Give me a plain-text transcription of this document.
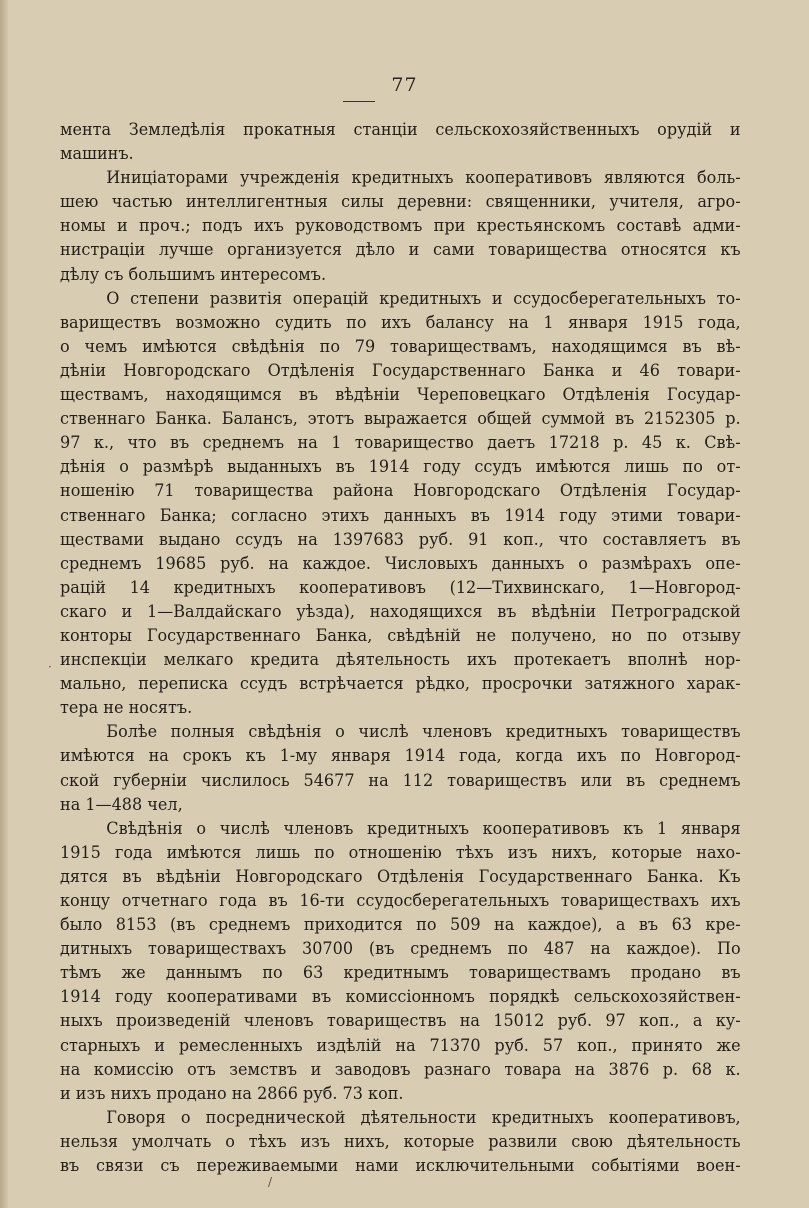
77
мента Земледѣлія прокатныя станціи сельскохозяйственныхъ орудій и
машинъ.
Иниціаторами учрежденія кредитныхъ кооперативовъ являются боль-
шею частью интеллигентныя силы деревни: священники, учителя, агро-
номы и проч.; подъ ихъ руководствомъ при крестьянскомъ составѣ адми-
нистраціи лучше организуется дѣло и сами товарищества относятся къ
дѣлу съ большимъ интересомъ.
О степени развитія операцій кредитныхъ и ссудосберегательныхъ то-
вариществъ возможно судить по ихъ балансу на 1 января 1915 года,
о чемъ имѣются свѣдѣнія по 79 товариществамъ, находящимся въ вѣ-
дѣніи Новгородскаго Отдѣленія Государственнаго Банка и 46 товари-
ществамъ, находящимся въ вѣдѣніи Череповецкаго Отдѣленія Государ-
ственнаго Банка. Балансъ, этотъ выражается общей суммой въ 2152305 р.
97 к., что въ среднемъ на 1 товарищество даетъ 17218 р. 45 к. Свѣ-
дѣнія о размѣрѣ выданныхъ въ 1914 году ссудъ имѣются лишь по от-
ношенію 71 товарищества района Новгородскаго Отдѣленія Государ-
ственнаго Банка; согласно этихъ данныхъ въ 1914 году этими товари-
ществами выдано ссудъ на 1397683 руб. 91 коп., что составляетъ въ
среднемъ 19685 руб. на каждое. Числовыхъ данныхъ о размѣрахъ опе-
рацій 14 кредитныхъ кооперативовъ (12—Тихвинскаго, 1—Новгород-
скаго и 1—Валдайскаго уѣзда), находящихся въ вѣдѣніи Петроградской
конторы Государственнаго Банка, свѣдѣній не получено, но по отзыву
инспекціи мелкаго кредита дѣятельность ихъ протекаетъ вполнѣ нор-
мально, переписка ссудъ встрѣчается рѣдко, просрочки затяжного харак-
тера не носятъ.
Болѣе полныя свѣдѣнія о числѣ членовъ кредитныхъ товариществъ
имѣются на срокъ къ 1-му января 1914 года, когда ихъ по Новгород-
ской губерніи числилось 54677 на 112 товариществъ или въ среднемъ
на 1—488 чел,
Свѣдѣнія о числѣ членовъ кредитныхъ кооперативовъ къ 1 января
1915 года имѣются лишь по отношенію тѣхъ изъ нихъ, которые нахо-
дятся въ вѣдѣніи Новгородскаго Отдѣленія Государственнаго Банка. Къ
концу отчетнаго года въ 16-ти ссудосберегательныхъ товариществахъ ихъ
было 8153 (въ среднемъ приходится по 509 на каждое), а въ 63 кре-
дитныхъ товариществахъ 30700 (въ среднемъ по 487 на каждое). По
тѣмъ же даннымъ по 63 кредитнымъ товариществамъ продано въ
1914 году кооперативами въ комиссіонномъ порядкѣ сельскохозяйствен-
ныхъ произведеній членовъ товариществъ на 15012 руб. 97 коп., а ку-
старныхъ и ремесленныхъ издѣлій на 71370 руб. 57 коп., принято же
на комиссію отъ земствъ и заводовъ разнаго товара на 3876 р. 68 к.
и изъ нихъ продано на 2866 руб. 73 коп.
Говоря о посреднической дѣятельности кредитныхъ кооперативовъ,
нельзя умолчать о тѣхъ изъ нихъ, которые развили свою дѣятельность
въ связи съ переживаемыми нами исключительными событіями воен-
·
/
